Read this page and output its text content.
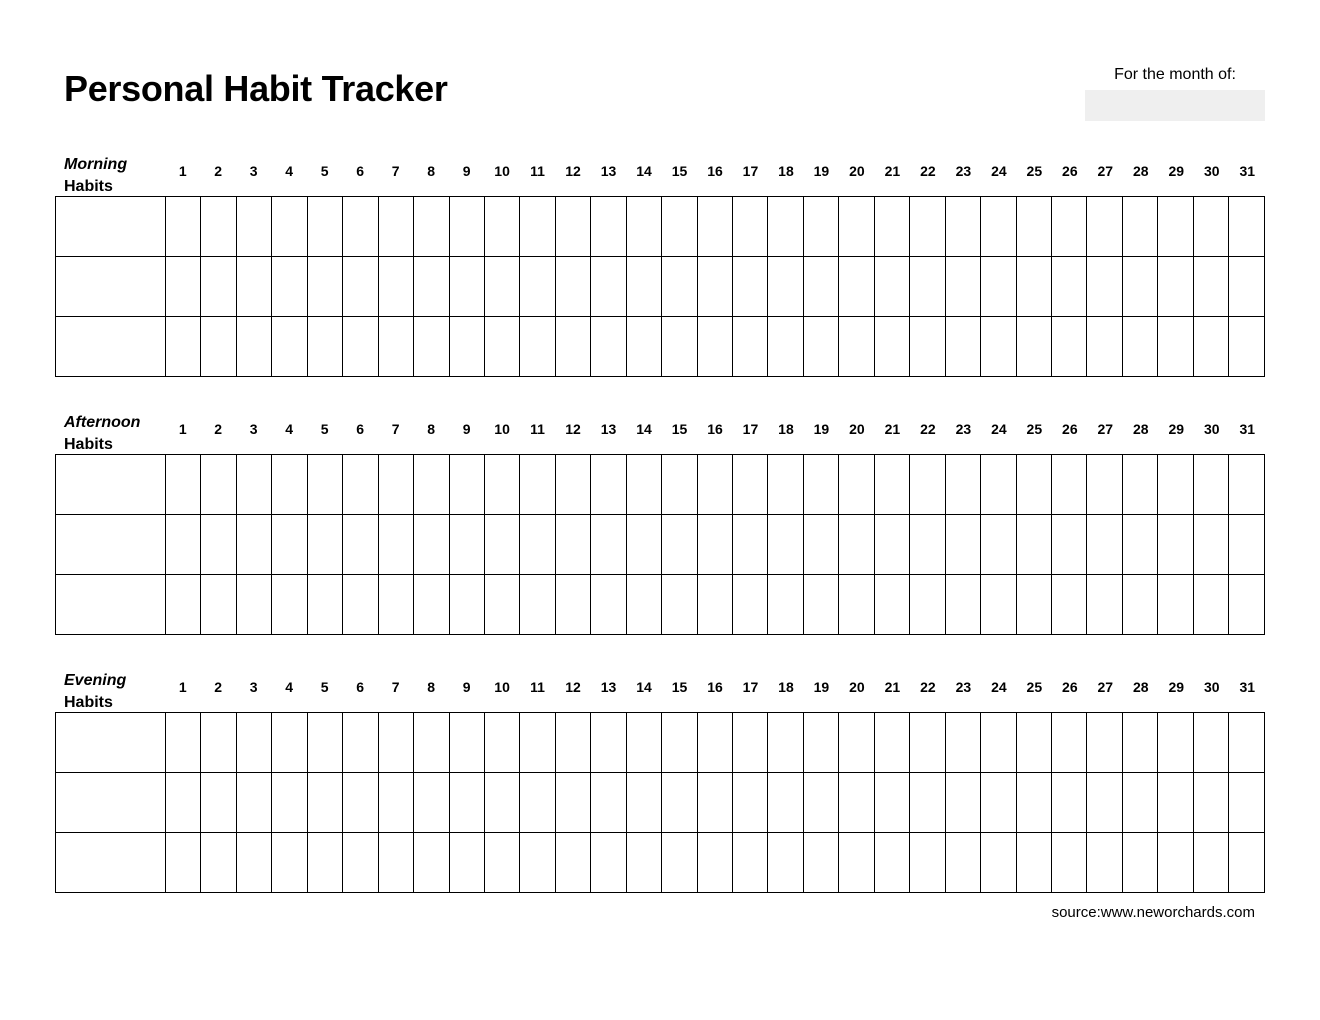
Personal Habit Tracker	For the month of:
Morning
Habits
1	2	3	4	5	6	7	8	9	10	11	12	13	14	15	16	17	18	19	20	21	22	23	24	25	26	27	28	29	30	31

Afternoon
Habits
1	2	3	4	5	6	7	8	9	10	11	12	13	14	15	16	17	18	19	20	21	22	23	24	25	26	27	28	29	30	31

Evening
Habits
1	2	3	4	5	6	7	8	9	10	11	12	13	14	15	16	17	18	19	20	21	22	23	24	25	26	27	28	29	30	31

source:www.neworchards.com
